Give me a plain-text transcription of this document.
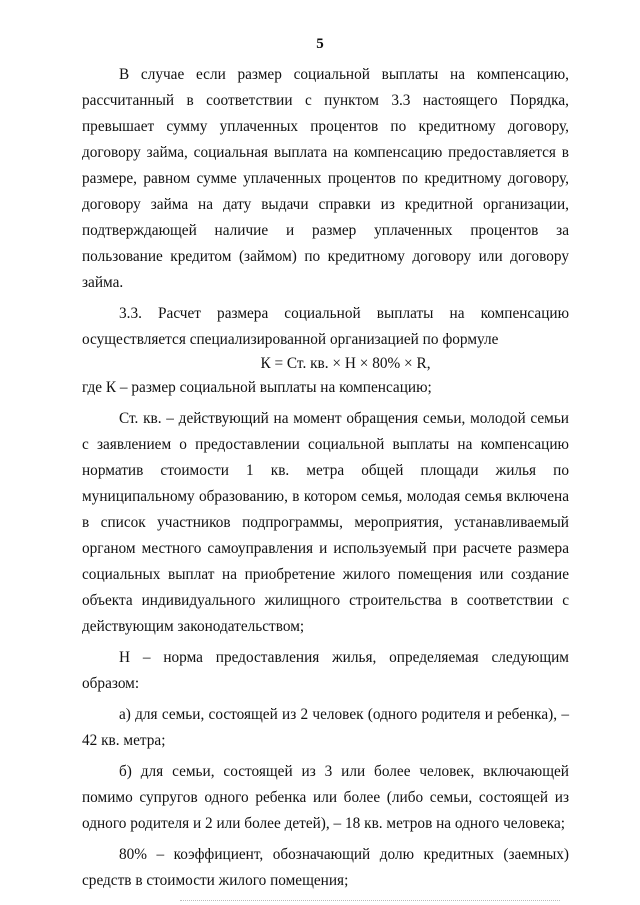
5

В случае если размер социальной выплаты на компенсацию, рассчитанный в соответствии с пунктом 3.3 настоящего Порядка, превышает сумму уплаченных процентов по кредитному договору, договору займа, социальная выплата на компенсацию предоставляется в размере, равном сумме уплаченных процентов по кредитному договору, договору займа на дату выдачи справки из кредитной организации, подтверждающей наличие и размер уплаченных процентов за пользование кредитом (займом) по кредитному договору или договору займа.

3.3. Расчет размера социальной выплаты на компенсацию осуществляется специализированной организацией по формуле

К = Ст. кв. × Н × 80% × R,

где К – размер социальной выплаты на компенсацию;

Ст. кв. – действующий на момент обращения семьи, молодой семьи с заявлением о предоставлении социальной выплаты на компенсацию норматив стоимости 1 кв. метра общей площади жилья по муниципальному образованию, в котором семья, молодая семья включена в список участников подпрограммы, мероприятия, устанавливаемый органом местного самоуправления и используемый при расчете размера социальных выплат на приобретение жилого помещения или создание объекта индивидуального жилищного строительства в соответствии с действующим законодательством;

Н – норма предоставления жилья, определяемая следующим образом:

а) для семьи, состоящей из 2 человек (одного родителя и ребенка), – 42 кв. метра;

б) для семьи, состоящей из 3 или более человек, включающей помимо супругов одного ребенка или более (либо семьи, состоящей из одного родителя и 2 или более детей), – 18 кв. метров на одного человека;

80% – коэффициент, обозначающий долю кредитных (заемных) средств в стоимости жилого помещения;
